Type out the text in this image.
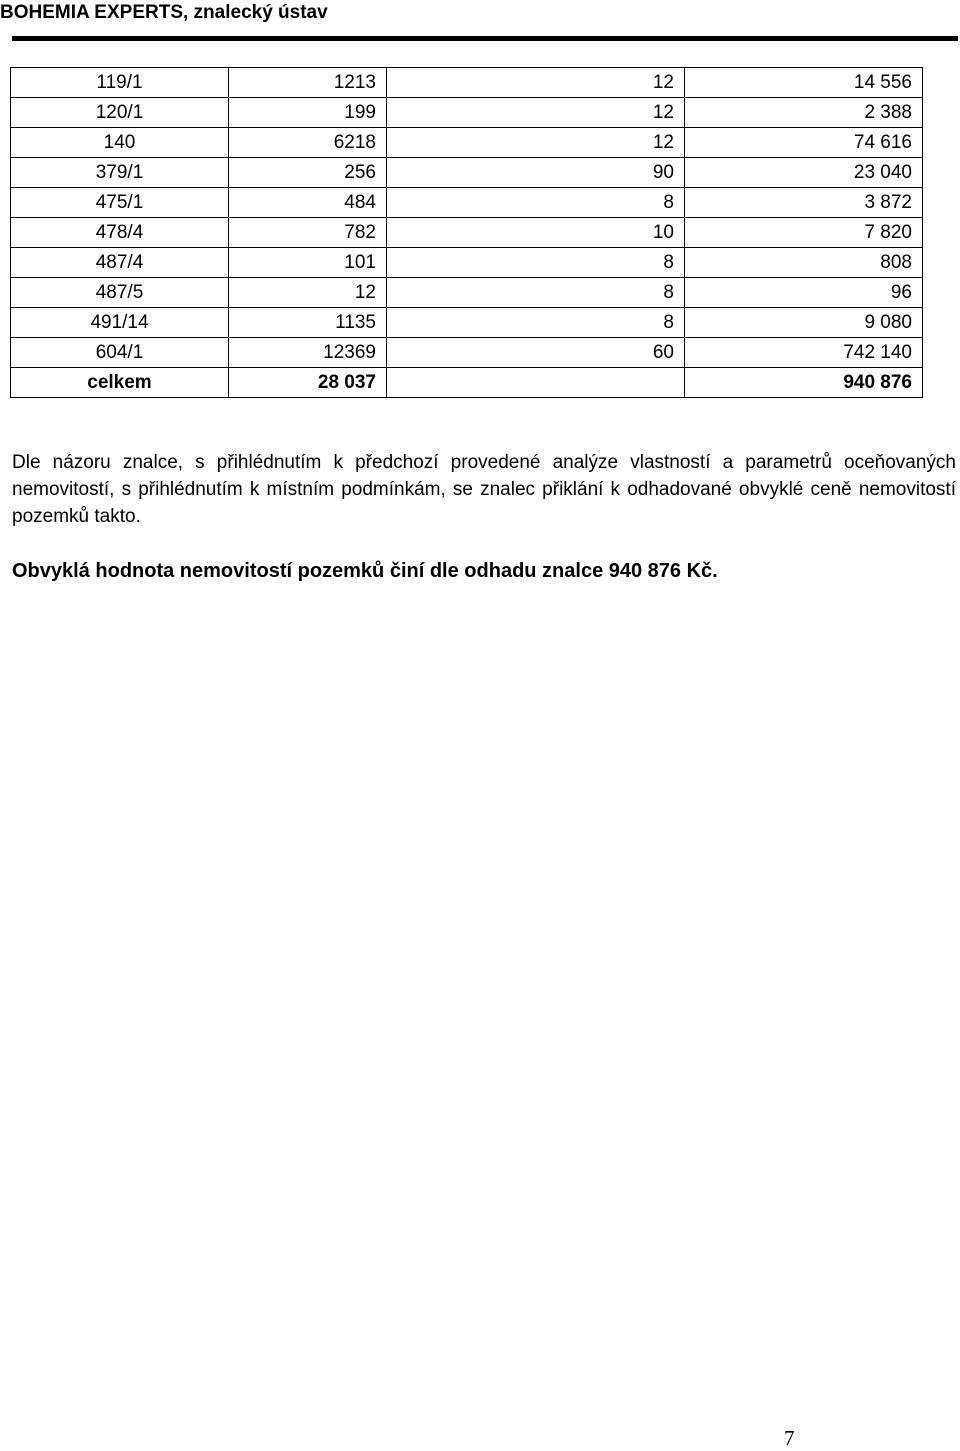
BOHEMIA EXPERTS, znalecký ústav
119/1	1213	12	14 556
120/1	199	12	2 388
140	6218	12	74 616
379/1	256	90	23 040
475/1	484	8	3 872
478/4	782	10	7 820
487/4	101	8	808
487/5	12	8	96
491/14	1135	8	9 080
604/1	12369	60	742 140
celkem	28 037		940 876

Dle názoru znalce, s přihlédnutím k předchozí provedené analýze vlastností a parametrů oceňovaných nemovitostí, s přihlédnutím k místním podmínkám, se znalec přiklání k odhadované obvyklé ceně nemovitostí pozemků takto.

Obvyklá hodnota nemovitostí pozemků činí dle odhadu znalce 940 876 Kč.

7
